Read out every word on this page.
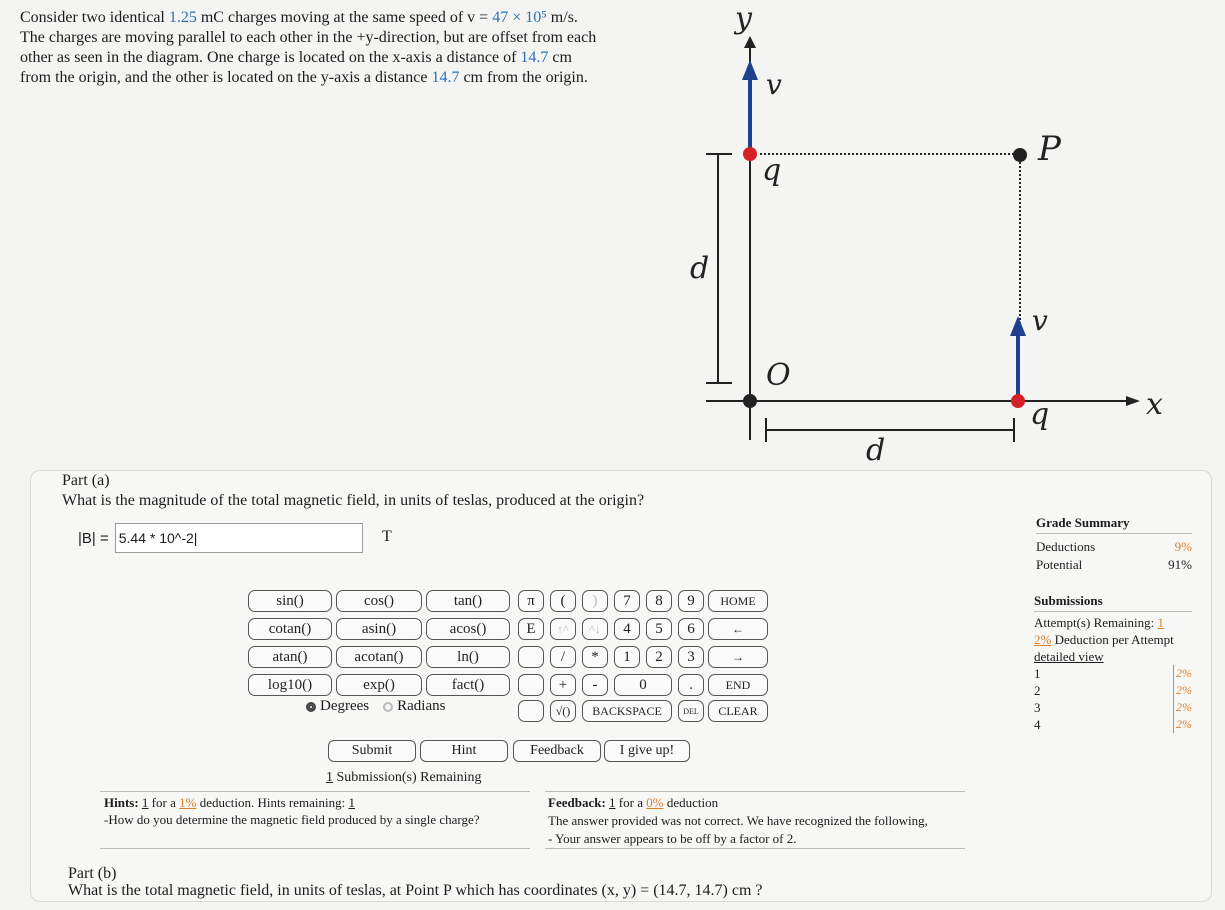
Consider two identical 1.25 mC charges moving at the same speed of v = 47 × 10⁵ m/s.

The charges are moving parallel to each other in the +y-direction, but are offset from each

other as seen in the diagram. One charge is located on the x-axis a distance of 14.7 cm

from the origin, and the other is located on the y-axis a distance 14.7 cm from the origin.

y
x
O
P
v
v
q
q
d
d
Part (a)
What is the magnitude of the total magnetic field, in units of teslas, produced at the origin?
|B| = 5.44 * 10^-2|	T
sin()	cos()	tan()
cotan()	asin()	acos()
atan()	acotan()	ln()
log10()	exp()	fact()
π	(	)
E	↑^	^↓
/	*
+	-
√()
7	8	9
4	5	6
1	2	3
0	.
HOME
←
→
END
BACKSPACE	DEL	CLEAR
Degrees Radians
Submit	Hint	Feedback	I give up!
1 Submission(s) Remaining
Hints: 1 for a 1% deduction. Hints remaining: 1
-How do you determine the magnetic field produced by a single charge?
Feedback: 1 for a 0% deduction
The answer provided was not correct. We have recognized the following,
- Your answer appears to be off by a factor of 2.
Grade Summary
Deductions	9%
Potential	91%
Submissions
Attempt(s) Remaining: 1
2% Deduction per Attempt
detailed view
1	2%
2	2%
3	2%
4	2%
Part (b)
What is the total magnetic field, in units of teslas, at Point P which has coordinates (x, y) = (14.7, 14.7) cm ?
